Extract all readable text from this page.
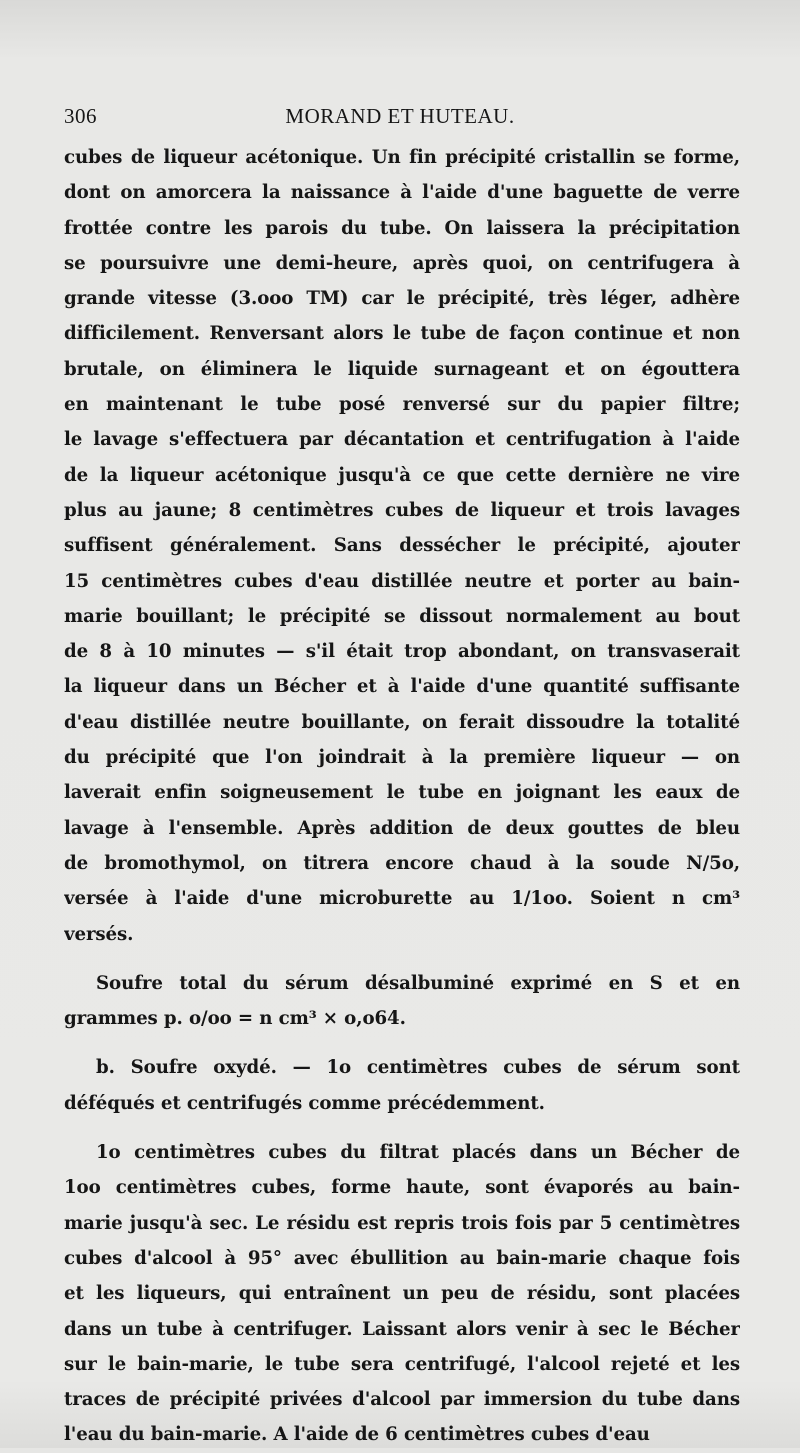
306	MORAND ET HUTEAU.
cubes de liqueur acétonique. Un fin précipité cristallin se forme,
dont on amorcera la naissance à l'aide d'une baguette de verre
frottée contre les parois du tube. On laissera la précipitation
se poursuivre une demi-heure, après quoi, on centrifugera à
grande vitesse (3.ooo TM) car le précipité, très léger, adhère
difficilement. Renversant alors le tube de façon continue et non
brutale, on éliminera le liquide surnageant et on égouttera
en maintenant le tube posé renversé sur du papier filtre;
le lavage s'effectuera par décantation et centrifugation à l'aide
de la liqueur acétonique jusqu'à ce que cette dernière ne vire
plus au jaune; 8 centimètres cubes de liqueur et trois lavages
suffisent généralement. Sans dessécher le précipité, ajouter
15 centimètres cubes d'eau distillée neutre et porter au bain-
marie bouillant; le précipité se dissout normalement au bout
de 8 à 10 minutes — s'il était trop abondant, on transvaserait
la liqueur dans un Bécher et à l'aide d'une quantité suffisante
d'eau distillée neutre bouillante, on ferait dissoudre la totalité
du précipité que l'on joindrait à la première liqueur — on
laverait enfin soigneusement le tube en joignant les eaux de
lavage à l'ensemble. Après addition de deux gouttes de bleu
de bromothymol, on titrera encore chaud à la soude N/5o,
versée à l'aide d'une microburette au 1/1oo. Soient n cm³
versés.
Soufre total du sérum désalbuminé exprimé en S et en
grammes p. o/oo = n cm³ × o,o64.
b. Soufre oxydé. — 1o centimètres cubes de sérum sont
déféqués et centrifugés comme précédemment.
1o centimètres cubes du filtrat placés dans un Bécher de
1oo centimètres cubes, forme haute, sont évaporés au bain-
marie jusqu'à sec. Le résidu est repris trois fois par 5 centimètres
cubes d'alcool à 95° avec ébullition au bain-marie chaque fois
et les liqueurs, qui entraînent un peu de résidu, sont placées
dans un tube à centrifuger. Laissant alors venir à sec le Bécher
sur le bain-marie, le tube sera centrifugé, l'alcool rejeté et les
traces de précipité privées d'alcool par immersion du tube dans
l'eau du bain-marie. A l'aide de 6 centimètres cubes d'eau
